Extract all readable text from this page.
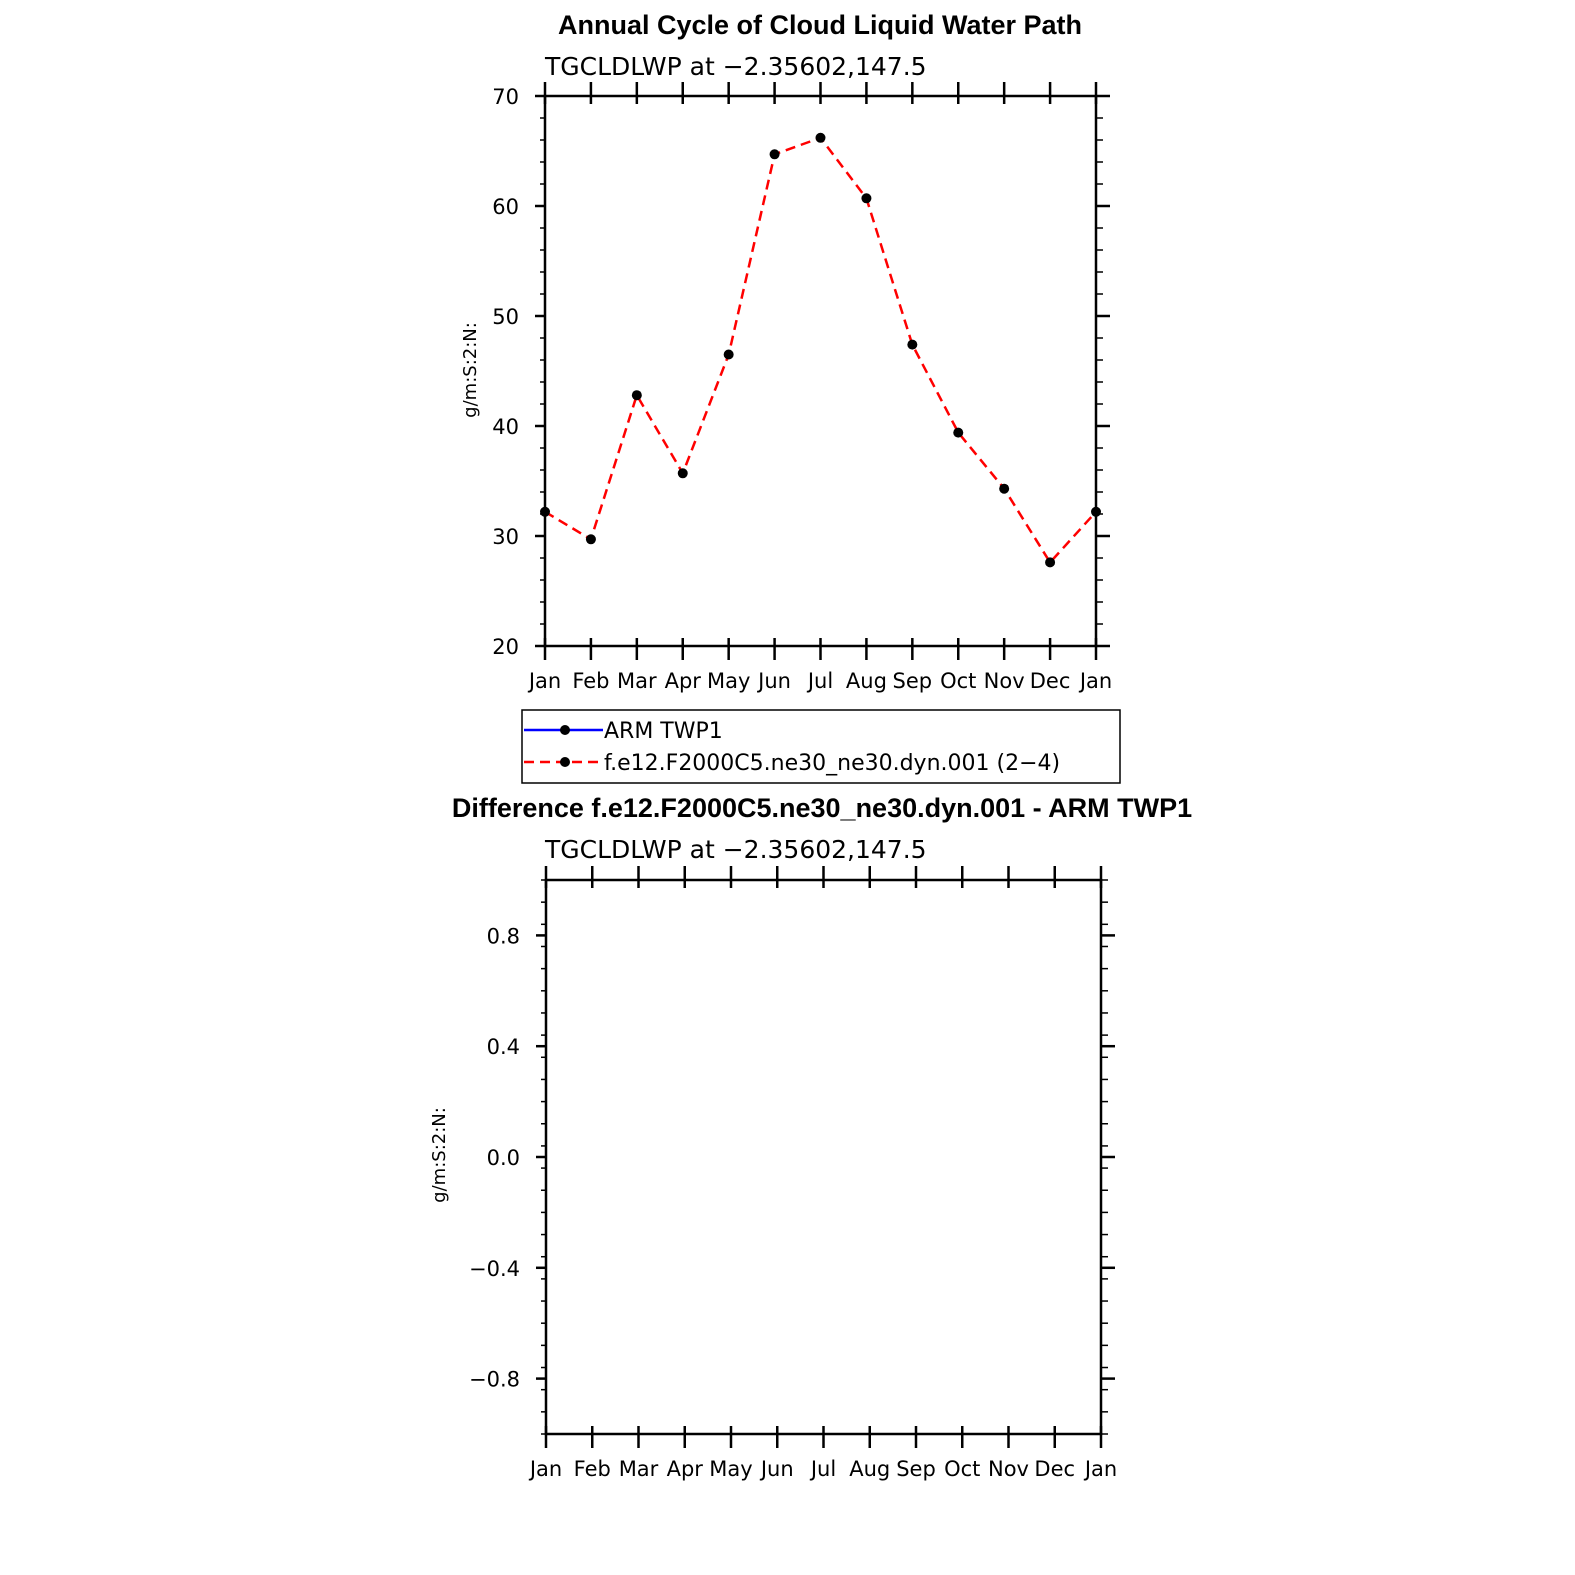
Annual Cycle of Cloud Liquid Water Path
TGCLDLWP at −2.35602,147.5
g/m:S:2:N:
20
30
40
50
60
70
Jan Feb Mar Apr May Jun Jul Aug Sep Oct Nov Dec Jan
ARM TWP1
f.e12.F2000C5.ne30_ne30.dyn.001 (2−4)
Difference f.e12.F2000C5.ne30_ne30.dyn.001 - ARM TWP1
TGCLDLWP at −2.35602,147.5
g/m:S:2:N:
−0.8
−0.4
0.0
0.4
0.8
Jan Feb Mar Apr May Jun Jul Aug Sep Oct Nov Dec Jan
